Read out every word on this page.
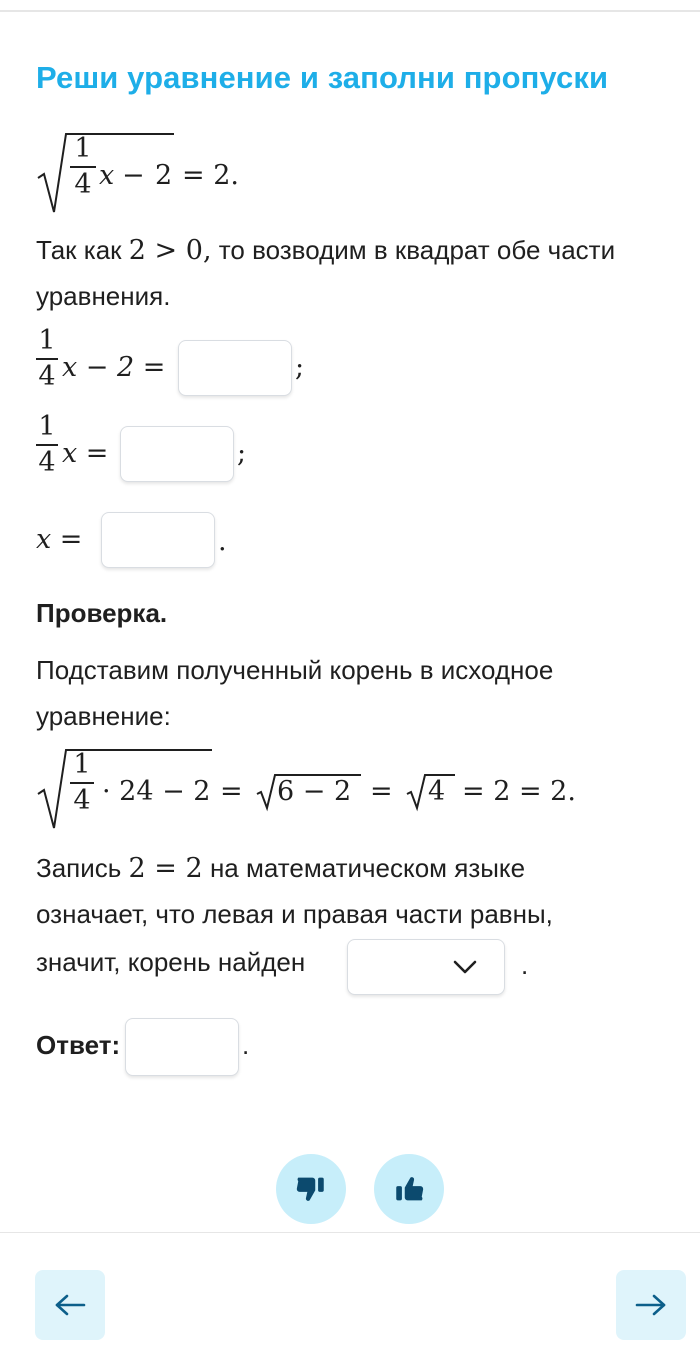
Реши уравнение и заполни пропуски
1
4 x − 2 = 2.
Так как 2 > 0, то возводим в квадрат обе части
уравнения.
1
4 x − 2 =	;
1
4 x =	;
x =	.
Проверка.
Подставим полученный корень в исходное
уравнение:
1
4 · 24 − 2 = 6 − 2 = 4 = 2 = 2.
Запись 2 = 2 на математическом языке
означает, что левая и правая части равны,
значит, корень найден	.
Ответ:	.
